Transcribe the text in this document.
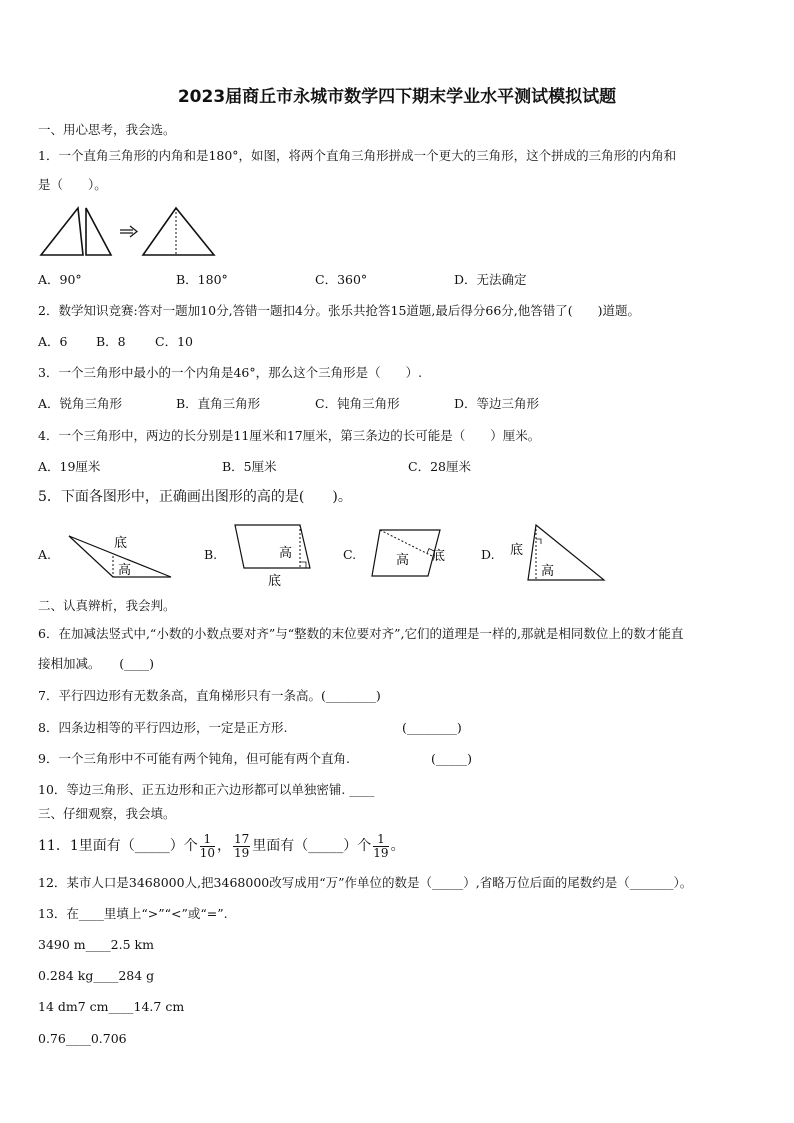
2023届商丘市永城市数学四下期末学业水平测试模拟试题
一、用心思考，我会选。
1．一个直角三角形的内角和是180°，如图，将两个直角三角形拼成一个更大的三角形，这个拼成的三角形的内角和
是（　　）。
A．90°	B．180°	C．360°	D．无法确定
2．数学知识竞赛:答对一题加10分,答错一题扣4分。张乐共抢答15道题,最后得分66分,他答错了(　　)道题。
A．6 B．8 C．10
3．一个三角形中最小的一个内角是46°，那么这个三角形是（　　）.
A．锐角三角形	B．直角三角形	C．钝角三角形	D．等边三角形
4．一个三角形中，两边的长分别是11厘米和17厘米，第三条边的长可能是（　　）厘米。
A．19厘米	B．5厘米	C．28厘米
5．下面各图形中，正确画出图形的高的是(　　)。
A.
底
高
B.	高
底
C.	高 底	D. 底
高
二、认真辨析，我会判。
6．在加减法竖式中,“小数的小数点要对齐”与“整数的末位要对齐”,它们的道理是一样的,那就是相同数位上的数才能直
接相加减。　　(____)
7．平行四边形有无数条高，直角梯形只有一条高。(________)
8．四条边相等的平行四边形，一定是正方形.	(________)
9．一个三角形中不可能有两个钝角，但可能有两个直角.	(_____)
10．等边三角形、正五边形和正六边形都可以单独密铺. ____
三、仔细观察，我会填。
11．1里面有（_____）个 $\frac{1}{10}$ ， $\frac{17}{19}$ 里面有（_____）个 $\frac{1}{19}$ 。
12．某市人口是3468000人,把3468000改写成用“万”作单位的数是（_____）,省略万位后面的尾数约是（_______）。
13．在____里填上“>”“<”或“=”.
3490 m____2.5 km
0.284 kg____284 g
14 dm7 cm____14.7 cm
0.76____0.706
